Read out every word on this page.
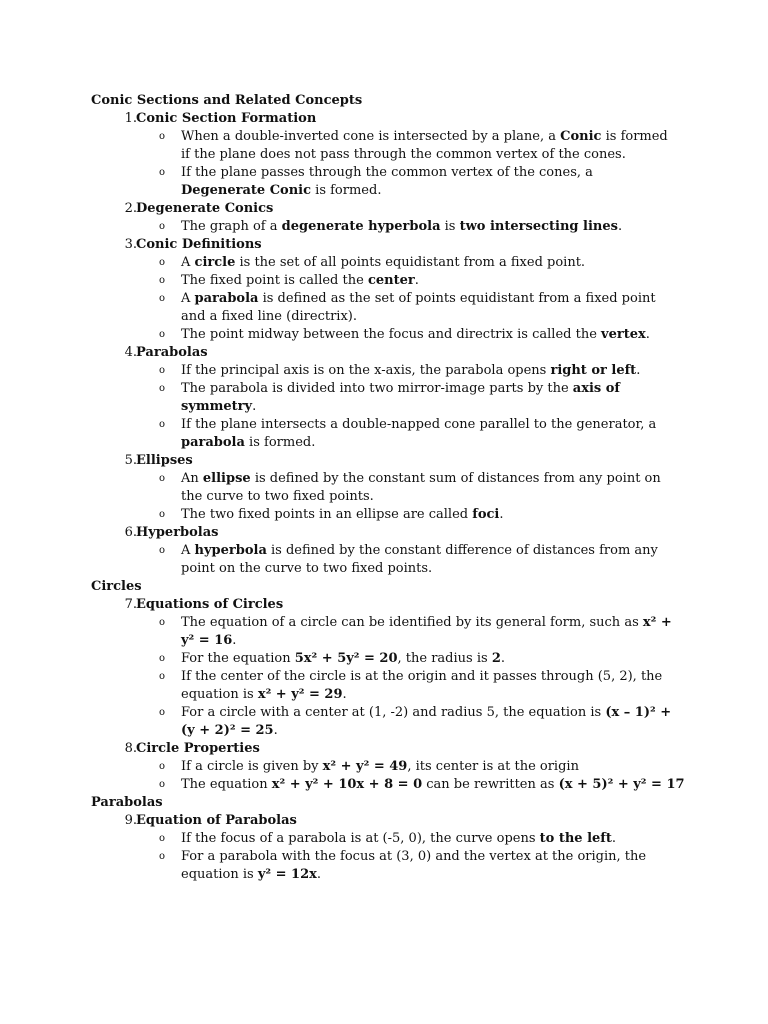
Conic Sections and Related Concepts
1. Conic Section Formation
o When a double-inverted cone is intersected by a plane, a Conic is formed
if the plane does not pass through the common vertex of the cones.
o If the plane passes through the common vertex of the cones, a
Degenerate Conic is formed.
2. Degenerate Conics
o The graph of a degenerate hyperbola is two intersecting lines.
3. Conic Definitions
o A circle is the set of all points equidistant from a fixed point.
o The fixed point is called the center.
o A parabola is defined as the set of points equidistant from a fixed point
and a fixed line (directrix).
o The point midway between the focus and directrix is called the vertex.
4. Parabolas
o If the principal axis is on the x-axis, the parabola opens right or left.
o The parabola is divided into two mirror-image parts by the axis of
symmetry.
o If the plane intersects a double-napped cone parallel to the generator, a
parabola is formed.
5. Ellipses
o An ellipse is defined by the constant sum of distances from any point on
the curve to two fixed points.
o The two fixed points in an ellipse are called foci.
6. Hyperbolas
o A hyperbola is defined by the constant difference of distances from any
point on the curve to two fixed points.
Circles
7. Equations of Circles
o The equation of a circle can be identified by its general form, such as x² +
y² = 16.
o For the equation 5x² + 5y² = 20, the radius is 2.
o If the center of the circle is at the origin and it passes through (5, 2), the
equation is x² + y² = 29.
o For a circle with a center at (1, -2) and radius 5, the equation is (x – 1)² +
(y + 2)² = 25.
8. Circle Properties
o If a circle is given by x² + y² = 49, its center is at the origin
o The equation x² + y² + 10x + 8 = 0 can be rewritten as (x + 5)² + y² = 17
Parabolas
9. Equation of Parabolas
o If the focus of a parabola is at (-5, 0), the curve opens to the left.
o For a parabola with the focus at (3, 0) and the vertex at the origin, the
equation is y² = 12x.
